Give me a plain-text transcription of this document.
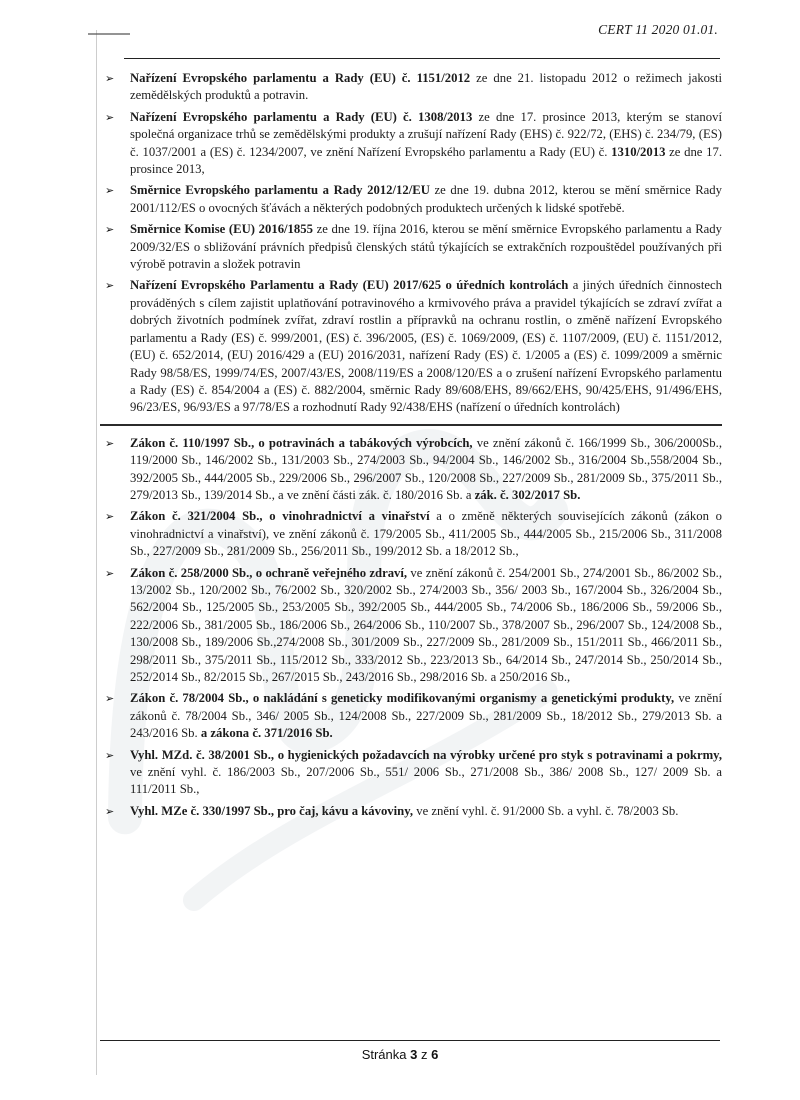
CERT 11 2020 01.01.
➢ Nařízení Evropského parlamentu a Rady (EU) č. 1151/2012 ze dne 21. listopadu 2012 o režimech jakosti zemědělských produktů a potravin.
➢ Nařízení Evropského parlamentu a Rady (EU) č. 1308/2013 ze dne 17. prosince 2013, kterým se stanoví společná organizace trhů se zemědělskými produkty a zrušují nařízení Rady (EHS) č. 922/72, (EHS) č. 234/79, (ES) č. 1037/2001 a (ES) č. 1234/2007, ve znění Nařízení Evropského parlamentu a Rady (EU) č. 1310/2013 ze dne 17. prosince 2013,
➢ Směrnice Evropského parlamentu a Rady 2012/12/EU ze dne 19. dubna 2012, kterou se mění směrnice Rady 2001/112/ES o ovocných šťávách a některých podobných produktech určených k lidské spotřebě.
➢ Směrnice Komise (EU) 2016/1855 ze dne 19. října 2016, kterou se mění směrnice Evropského parlamentu a Rady 2009/32/ES o sbližování právních předpisů členských států týkajících se extrakčních rozpouštědel používaných při výrobě potravin a složek potravin
➢ Nařízení Evropského Parlamentu a Rady (EU) 2017/625 o úředních kontrolách a jiných úředních činnostech prováděných s cílem zajistit uplatňování potravinového a krmivového práva a pravidel týkajících se zdraví zvířat a dobrých životních podmínek zvířat, zdraví rostlin a přípravků na ochranu rostlin, o změně nařízení Evropského parlamentu a Rady (ES) č. 999/2001, (ES) č. 396/2005, (ES) č. 1069/2009, (ES) č. 1107/2009, (EU) č. 1151/2012, (EU) č. 652/2014, (EU) 2016/429 a (EU) 2016/2031, nařízení Rady (ES) č. 1/2005 a (ES) č. 1099/2009 a směrnic Rady 98/58/ES, 1999/74/ES, 2007/43/ES, 2008/119/ES a 2008/120/ES a o zrušení nařízení Evropského parlamentu a Rady (ES) č. 854/2004 a (ES) č. 882/2004, směrnic Rady 89/608/EHS, 89/662/EHS, 90/425/EHS, 91/496/EHS, 96/23/ES, 96/93/ES a 97/78/ES a rozhodnutí Rady 92/438/EHS (nařízení o úředních kontrolách)
➢ Zákon č. 110/1997 Sb., o potravinách a tabákových výrobcích, ve znění zákonů č. 166/1999 Sb., 306/2000Sb., 119/2000 Sb., 146/2002 Sb., 131/2003 Sb., 274/2003 Sb., 94/2004 Sb., 146/2002 Sb., 316/2004 Sb.,558/2004 Sb., 392/2005 Sb., 444/2005 Sb., 229/2006 Sb., 296/2007 Sb., 120/2008 Sb., 227/2009 Sb., 281/2009 Sb., 375/2011 Sb., 279/2013 Sb., 139/2014 Sb., a ve znění části zák. č. 180/2016 Sb. a zák. č. 302/2017 Sb.
➢ Zákon č. 321/2004 Sb., o vinohradnictví a vinařství a o změně některých souvisejících zákonů (zákon o vinohradnictví a vinařství), ve znění zákonů č. 179/2005 Sb., 411/2005 Sb., 444/2005 Sb., 215/2006 Sb., 311/2008 Sb., 227/2009 Sb., 281/2009 Sb., 256/2011 Sb., 199/2012 Sb. a 18/2012 Sb.,
➢ Zákon č. 258/2000 Sb., o ochraně veřejného zdraví, ve znění zákonů č. 254/2001 Sb., 274/2001 Sb., 86/2002 Sb., 13/2002 Sb., 120/2002 Sb., 76/2002 Sb., 320/2002 Sb., 274/2003 Sb., 356/ 2003 Sb., 167/2004 Sb., 326/2004 Sb., 562/2004 Sb., 125/2005 Sb., 253/2005 Sb., 392/2005 Sb., 444/2005 Sb., 74/2006 Sb., 186/2006 Sb., 59/2006 Sb., 222/2006 Sb., 381/2005 Sb., 186/2006 Sb., 264/2006 Sb., 110/2007 Sb., 378/2007 Sb., 296/2007 Sb., 124/2008 Sb., 130/2008 Sb., 189/2006 Sb.,274/2008 Sb., 301/2009 Sb., 227/2009 Sb., 281/2009 Sb., 151/2011 Sb., 466/2011 Sb., 298/2011 Sb., 375/2011 Sb., 115/2012 Sb., 333/2012 Sb., 223/2013 Sb., 64/2014 Sb., 247/2014 Sb., 250/2014 Sb., 252/2014 Sb., 82/2015 Sb., 267/2015 Sb., 243/2016 Sb., 298/2016 Sb. a 250/2016 Sb.,
➢ Zákon č. 78/2004 Sb., o nakládání s geneticky modifikovanými organismy a genetickými produkty, ve znění zákonů č. 78/2004 Sb., 346/ 2005 Sb., 124/2008 Sb., 227/2009 Sb., 281/2009 Sb., 18/2012 Sb., 279/2013 Sb. a 243/2016 Sb. a zákona č. 371/2016 Sb.
➢ Vyhl. MZd. č. 38/2001 Sb., o hygienických požadavcích na výrobky určené pro styk s potravinami a pokrmy, ve znění vyhl. č. 186/2003 Sb., 207/2006 Sb., 551/ 2006 Sb., 271/2008 Sb., 386/ 2008 Sb., 127/ 2009 Sb. a 111/2011 Sb.,
➢ Vyhl. MZe č. 330/1997 Sb., pro čaj, kávu a kávoviny, ve znění vyhl. č. 91/2000 Sb. a vyhl. č. 78/2003 Sb.
Stránka 3 z 6
